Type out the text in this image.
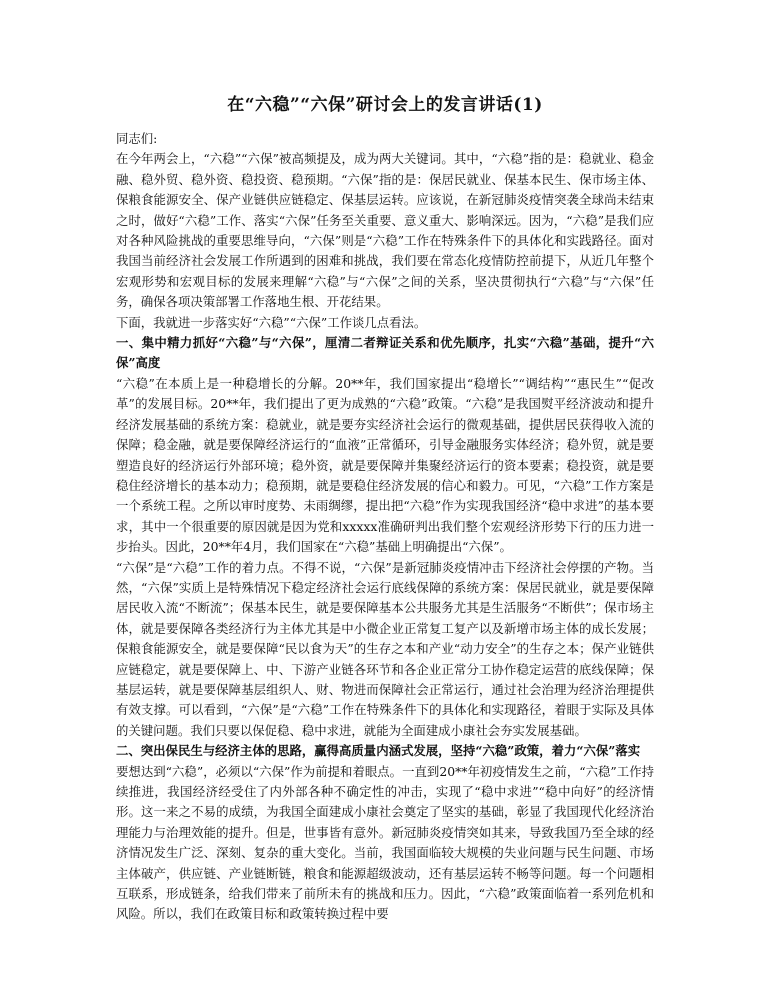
在“六稳”“六保”研讨会上的发言讲话(1)

同志们:

在今年两会上，“六稳”“六保”被高频提及，成为两大关键词。其中，“六稳”指的是：稳就业、稳金融、稳外贸、稳外资、稳投资、稳预期。“六保”指的是：保居民就业、保基本民生、保市场主体、保粮食能源安全、保产业链供应链稳定、保基层运转。应该说，在新冠肺炎疫情突袭全球尚未结束之时，做好“六稳”工作、落实“六保”任务至关重要、意义重大、影响深远。因为，“六稳”是我们应对各种风险挑战的重要思维导向，“六保”则是“六稳”工作在特殊条件下的具体化和实践路径。面对我国当前经济社会发展工作所遇到的困难和挑战，我们要在常态化疫情防控前提下，从近几年整个宏观形势和宏观目标的发展来理解“六稳”与“六保”之间的关系，坚决贯彻执行“六稳”与“六保”任务，确保各项决策部署工作落地生根、开花结果。

下面，我就进一步落实好“六稳”“六保”工作谈几点看法。

一、集中精力抓好“六稳”与“六保”，厘清二者辩证关系和优先顺序，扎实“六稳”基础，提升“六保”高度

“六稳”在本质上是一种稳增长的分解。20**年，我们国家提出“稳增长”“调结构”“惠民生”“促改革”的发展目标。20**年，我们提出了更为成熟的“六稳”政策。“六稳”是我国熨平经济波动和提升经济发展基础的系统方案：稳就业，就是要夯实经济社会运行的微观基础，提供居民获得收入流的保障；稳金融，就是要保障经济运行的“血液”正常循环，引导金融服务实体经济；稳外贸，就是要塑造良好的经济运行外部环境；稳外资，就是要保障并集聚经济运行的资本要素；稳投资，就是要稳住经济增长的基本动力；稳预期，就是要稳住经济发展的信心和毅力。可见，“六稳”工作方案是一个系统工程。之所以审时度势、未雨绸缪，提出把“六稳”作为实现我国经济“稳中求进”的基本要求，其中一个很重要的原因就是因为党和xxxxx准确研判出我们整个宏观经济形势下行的压力进一步抬头。因此，20**年4月，我们国家在“六稳”基础上明确提出“六保”。

“六保”是“六稳”工作的着力点。不得不说，“六保”是新冠肺炎疫情冲击下经济社会停摆的产物。当然，“六保”实质上是特殊情况下稳定经济社会运行底线保障的系统方案：保居民就业，就是要保障居民收入流“不断流”；保基本民生，就是要保障基本公共服务尤其是生活服务“不断供”；保市场主体，就是要保障各类经济行为主体尤其是中小微企业正常复工复产以及新增市场主体的成长发展；保粮食能源安全，就是要保障“民以食为天”的生存之本和产业“动力安全”的生存之本；保产业链供应链稳定，就是要保障上、中、下游产业链各环节和各企业正常分工协作稳定运营的底线保障；保基层运转，就是要保障基层组织人、财、物进而保障社会正常运行，通过社会治理为经济治理提供有效支撑。可以看到，“六保”是“六稳”工作在特殊条件下的具体化和实现路径，着眼于实际及具体的关键问题。我们只要以保促稳、稳中求进，就能为全面建成小康社会夯实发展基础。

二、突出保民生与经济主体的思路，赢得高质量内涵式发展，坚持“六稳”政策，着力“六保”落实

要想达到“六稳”，必须以“六保”作为前提和着眼点。一直到20**年初疫情发生之前，“六稳”工作持续推进，我国经济经受住了内外部各种不确定性的冲击，实现了“稳中求进”“稳中向好”的经济情形。这一来之不易的成绩，为我国全面建成小康社会奠定了坚实的基础，彰显了我国现代化经济治理能力与治理效能的提升。但是，世事皆有意外。新冠肺炎疫情突如其来，导致我国乃至全球的经济情况发生广泛、深刻、复杂的重大变化。当前，我国面临较大规模的失业问题与民生问题、市场主体破产，供应链、产业链断链，粮食和能源超级波动，还有基层运转不畅等问题。每一个问题相互联系，形成链条，给我们带来了前所未有的挑战和压力。因此，“六稳”政策面临着一系列危机和风险。所以，我们在政策目标和政策转换过程中要
